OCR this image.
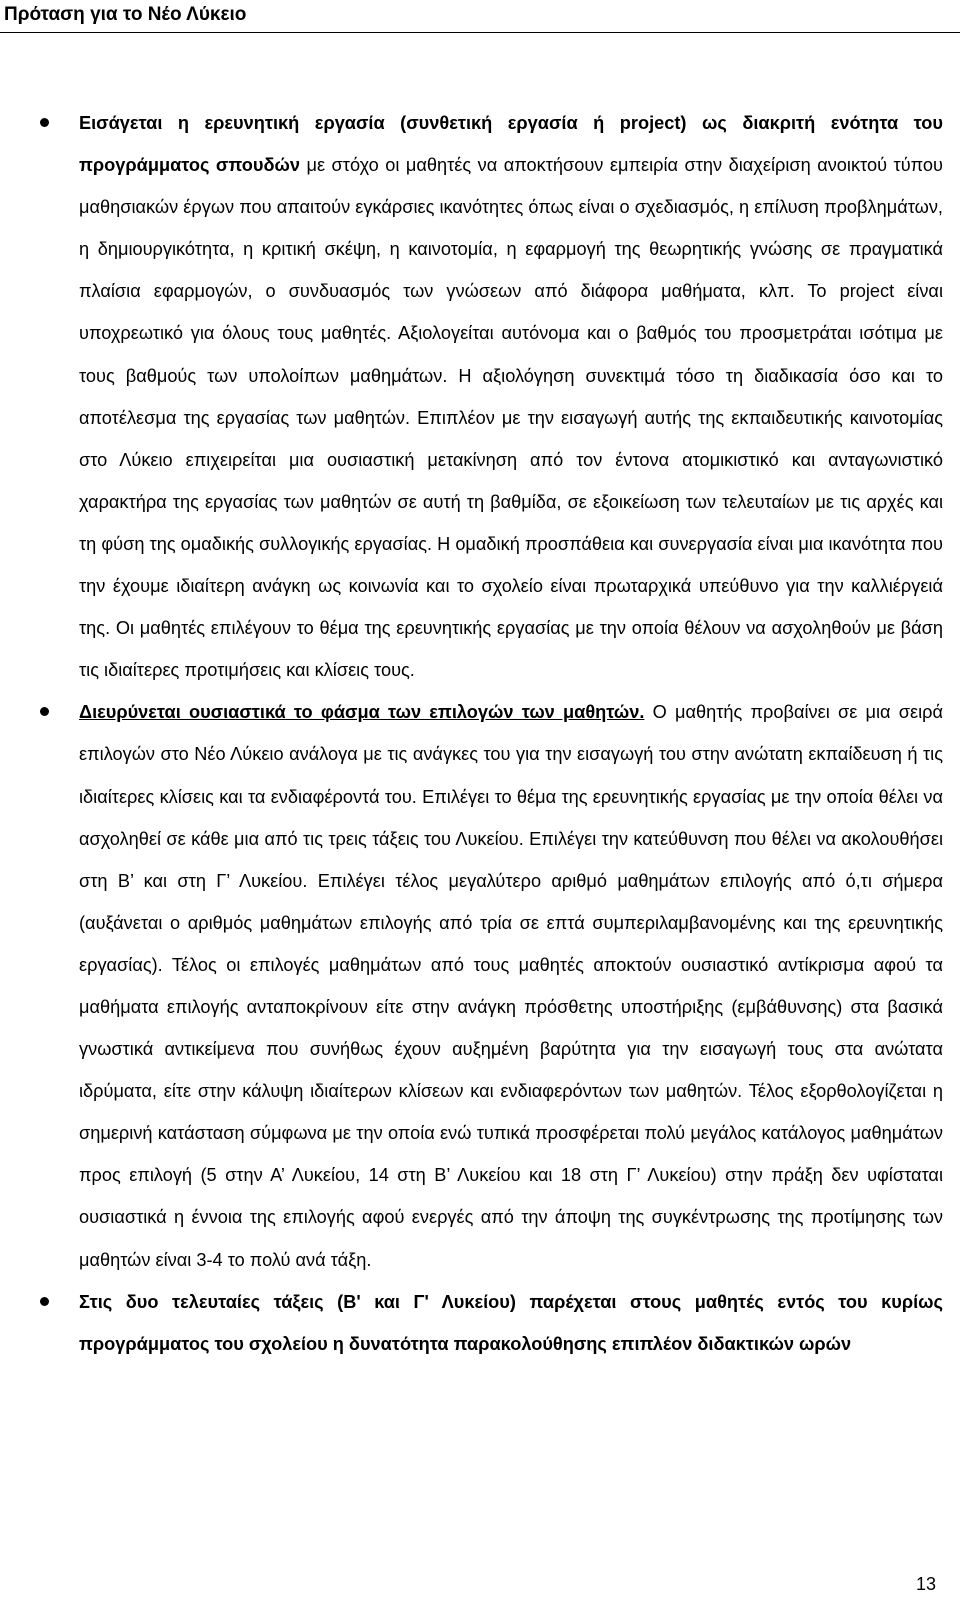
Πρόταση για το Νέο Λύκειο
Εισάγεται η ερευνητική εργασία (συνθετική εργασία ή project) ως διακριτή ενότητα του προγράμματος σπουδών με στόχο οι μαθητές να αποκτήσουν εμπειρία στην διαχείριση ανοικτού τύπου μαθησιακών έργων που απαιτούν εγκάρσιες ικανότητες όπως είναι ο σχεδιασμός, η επίλυση προβλημάτων, η δημιουργικότητα, η κριτική σκέψη, η καινοτομία, η εφαρμογή της θεωρητικής γνώσης σε πραγματικά πλαίσια εφαρμογών, ο συνδυασμός των γνώσεων από διάφορα μαθήματα, κλπ. Το project είναι υποχρεωτικό για όλους τους μαθητές. Αξιολογείται αυτόνομα και ο βαθμός του προσμετράται ισότιμα με τους βαθμούς των υπολοίπων μαθημάτων. Η αξιολόγηση συνεκτιμά τόσο τη διαδικασία όσο και το αποτέλεσμα της εργασίας των μαθητών. Επιπλέον με την εισαγωγή αυτής της εκπαιδευτικής καινοτομίας στο Λύκειο επιχειρείται μια ουσιαστική μετακίνηση από τον έντονα ατομικιστικό και ανταγωνιστικό χαρακτήρα της εργασίας των μαθητών σε αυτή τη βαθμίδα, σε εξοικείωση των τελευταίων με τις αρχές και τη φύση της ομαδικής συλλογικής εργασίας. Η ομαδική προσπάθεια και συνεργασία είναι μια ικανότητα που την έχουμε ιδιαίτερη ανάγκη ως κοινωνία και το σχολείο είναι πρωταρχικά υπεύθυνο για την καλλιέργειά της. Οι μαθητές επιλέγουν το θέμα της ερευνητικής εργασίας με την οποία θέλουν να ασχοληθούν με βάση τις ιδιαίτερες προτιμήσεις και κλίσεις τους.
Διευρύνεται ουσιαστικά το φάσμα των επιλογών των μαθητών. Ο μαθητής προβαίνει σε μια σειρά επιλογών στο Νέο Λύκειο ανάλογα με τις ανάγκες του για την εισαγωγή του στην ανώτατη εκπαίδευση ή τις ιδιαίτερες κλίσεις και τα ενδιαφέροντά του. Επιλέγει το θέμα της ερευνητικής εργασίας με την οποία θέλει να ασχοληθεί σε κάθε μια από τις τρεις τάξεις του Λυκείου. Επιλέγει την κατεύθυνση που θέλει να ακολουθήσει στη Β’ και στη Γ’ Λυκείου. Επιλέγει τέλος μεγαλύτερο αριθμό μαθημάτων επιλογής από ό,τι σήμερα (αυξάνεται ο αριθμός μαθημάτων επιλογής από τρία σε επτά συμπεριλαμβανομένης και της ερευνητικής εργασίας). Τέλος οι επιλογές μαθημάτων από τους μαθητές αποκτούν ουσιαστικό αντίκρισμα αφού τα μαθήματα επιλογής ανταποκρίνουν είτε στην ανάγκη πρόσθετης υποστήριξης (εμβάθυνσης) στα βασικά γνωστικά αντικείμενα που συνήθως έχουν αυξημένη βαρύτητα για την εισαγωγή τους στα ανώτατα ιδρύματα, είτε στην κάλυψη ιδιαίτερων κλίσεων και ενδιαφερόντων των μαθητών. Τέλος εξορθολογίζεται η σημερινή κατάσταση σύμφωνα με την οποία ενώ τυπικά προσφέρεται πολύ μεγάλος κατάλογος μαθημάτων προς επιλογή (5 στην Α’ Λυκείου, 14 στη Β’ Λυκείου και 18 στη Γ’ Λυκείου) στην πράξη δεν υφίσταται ουσιαστικά η έννοια της επιλογής αφού ενεργές από την άποψη της συγκέντρωσης της προτίμησης των μαθητών είναι 3-4 το πολύ ανά τάξη.
Στις δυο τελευταίες τάξεις (Β' και Γ' Λυκείου) παρέχεται στους μαθητές εντός του κυρίως προγράμματος του σχολείου η δυνατότητα παρακολούθησης επιπλέον διδακτικών ωρών
13
